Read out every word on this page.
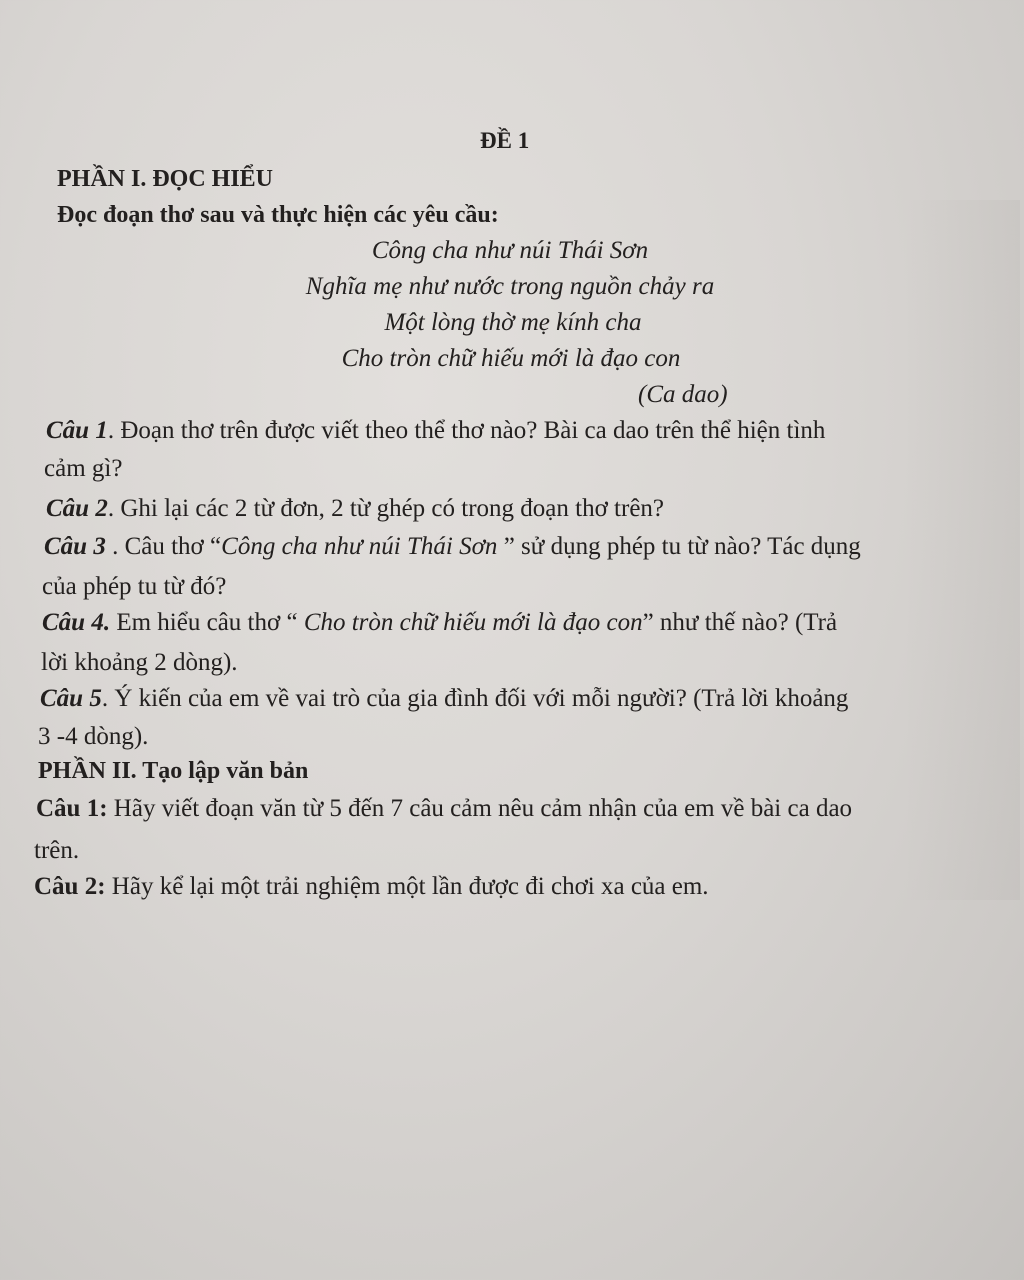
ĐỀ 1
PHẦN I. ĐỌC HIỂU
Đọc đoạn thơ sau và thực hiện các yêu cầu:
Công cha như núi Thái Sơn
Nghĩa mẹ như nước trong nguồn chảy ra
Một lòng thờ mẹ kính cha
Cho tròn chữ hiếu mới là đạo con
(Ca dao)
Câu 1. Đoạn thơ trên được viết theo thể thơ nào? Bài ca dao trên thể hiện tình
cảm gì?
Câu 2. Ghi lại các 2 từ đơn, 2 từ ghép có trong đoạn thơ trên?
Câu 3 . Câu thơ “Công cha như núi Thái Sơn ” sử dụng phép tu từ nào? Tác dụng
của phép tu từ đó?
Câu 4. Em hiểu câu thơ “ Cho tròn chữ hiếu mới là đạo con” như thế nào? (Trả
lời khoảng 2 dòng).
Câu 5. Ý kiến của em về vai trò của gia đình đối với mỗi người? (Trả lời khoảng
3 -4 dòng).
PHẦN II. Tạo lập văn bản
Câu 1: Hãy viết đoạn văn từ 5 đến 7 câu cảm nêu cảm nhận của em về bài ca dao
trên.
Câu 2: Hãy kể lại một trải nghiệm một lần được đi chơi xa của em.
